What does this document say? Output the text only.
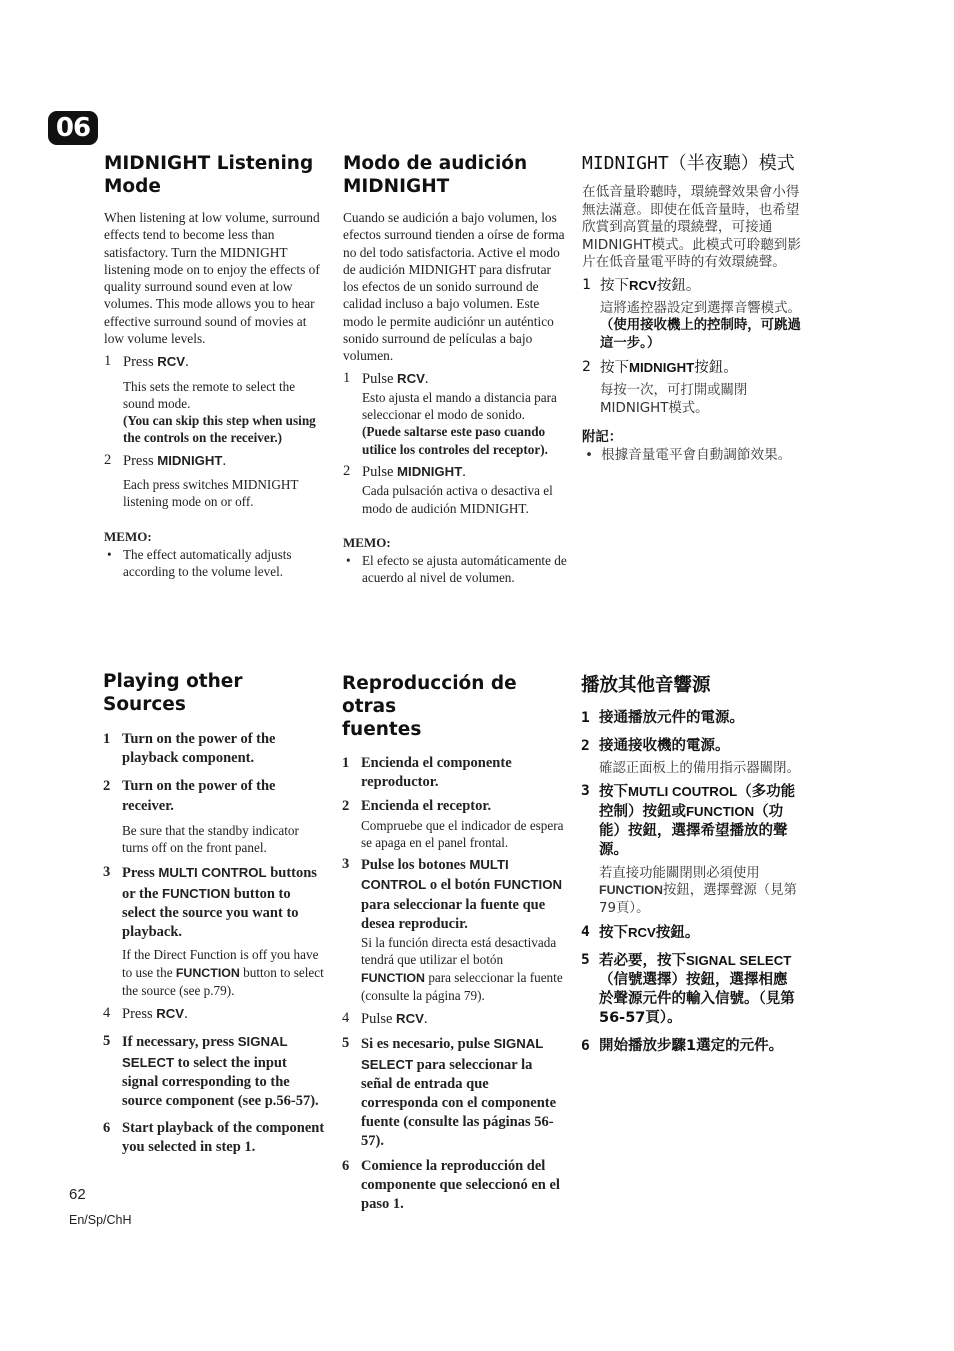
06
MIDNIGHT Listening
Mode

When listening at low volume, surround effects tend to become less than satisfactory. Turn the MIDNIGHT listening mode on to enjoy the effects of quality surround sound even at low volumes. This mode allows you to hear effective surround sound of movies at low volume levels.

1 Press RCV.
This sets the remote to select the sound mode.
(You can skip this step when using the controls on the receiver.)
2 Press MIDNIGHT.
Each press switches MIDNIGHT listening mode on or off.
MEMO:
• The effect automatically adjusts according to the volume level.
Modo de audición
MIDNIGHT

Cuando se audición a bajo volumen, los efectos surround tienden a oírse de forma no del todo satisfactoria. Active el modo de audición MIDNIGHT para disfrutar los efectos de un sonido surround de calidad incluso a bajo volumen. Este modo le permite audiciónr un auténtico sonido surround de películas a bajo volumen.

1 Pulse RCV.
Esto ajusta el mando a distancia para seleccionar el modo de sonido.
(Puede saltarse este paso cuando utilice los controles del receptor).
2 Pulse MIDNIGHT.
Cada pulsación activa o desactiva el modo de audición MIDNIGHT.
MEMO:
• El efecto se ajusta automáticamente de acuerdo al nivel de volumen.
MIDNIGHT（半夜聽）模式

在低音量聆聽時，環繞聲效果會小得無法滿意。即使在低音量時，也希望欣賞到高質量的環繞聲，可接通MIDNIGHT模式。此模式可聆聽到影片在低音量電平時的有效環繞聲。

1 按下RCV按鈕。
這將遙控器設定到選擇音響模式。
（使用接收機上的控制時，可跳過這一步。）
2 按下MIDNIGHT按鈕。
每按一次，可打開或關閉MIDNIGHT模式。
附記：
• 根據音量電平會自動調節效果。
Playing other Sources
1 Turn on the power of the playback component.
2 Turn on the power of the receiver.
Be sure that the standby indicator turns off on the front panel.
3 Press MULTI CONTROL buttons or the FUNCTION button to select the source you want to playback.
If the Direct Function is off you have to use the FUNCTION button to select the source (see p.79).
4 Press RCV.
5 If necessary, press SIGNAL SELECT to select the input signal corresponding to the source component (see p.56-57).
6 Start playback of the component you selected in step 1.
Reproducción de otras
fuentes
1 Encienda el componente reproductor.
2 Encienda el receptor.
Compruebe que el indicador de espera se apaga en el panel frontal.
3 Pulse los botones MULTI CONTROL o el botón FUNCTION para seleccionar la fuente que desea reproducir.
Si la función directa está desactivada tendrá que utilizar el botón FUNCTION para seleccionar la fuente (consulte la página 79).
4 Pulse RCV.
5 Si es necesario, pulse SIGNAL SELECT para seleccionar la señal de entrada que corresponda con el componente fuente (consulte las páginas 56-57).
6 Comience la reproducción del componente que seleccionó en el paso 1.
播放其他音響源
1 接通播放元件的電源。
2 接通接收機的電源。
確認正面板上的備用指示器關閉。
3 按下MUTLI COUTROL（多功能控制）按鈕或FUNCTION（功能）按鈕，選擇希望播放的聲源。
若直接功能關閉則必須使用FUNCTION按鈕，選擇聲源（見第79頁）。
4 按下RCV按鈕。
5 若必要，按下SIGNAL SELECT（信號選擇）按鈕，選擇相應於聲源元件的輸入信號。（見第56-57頁）。
6 開始播放步驟1選定的元件。
62
En/Sp/ChH
